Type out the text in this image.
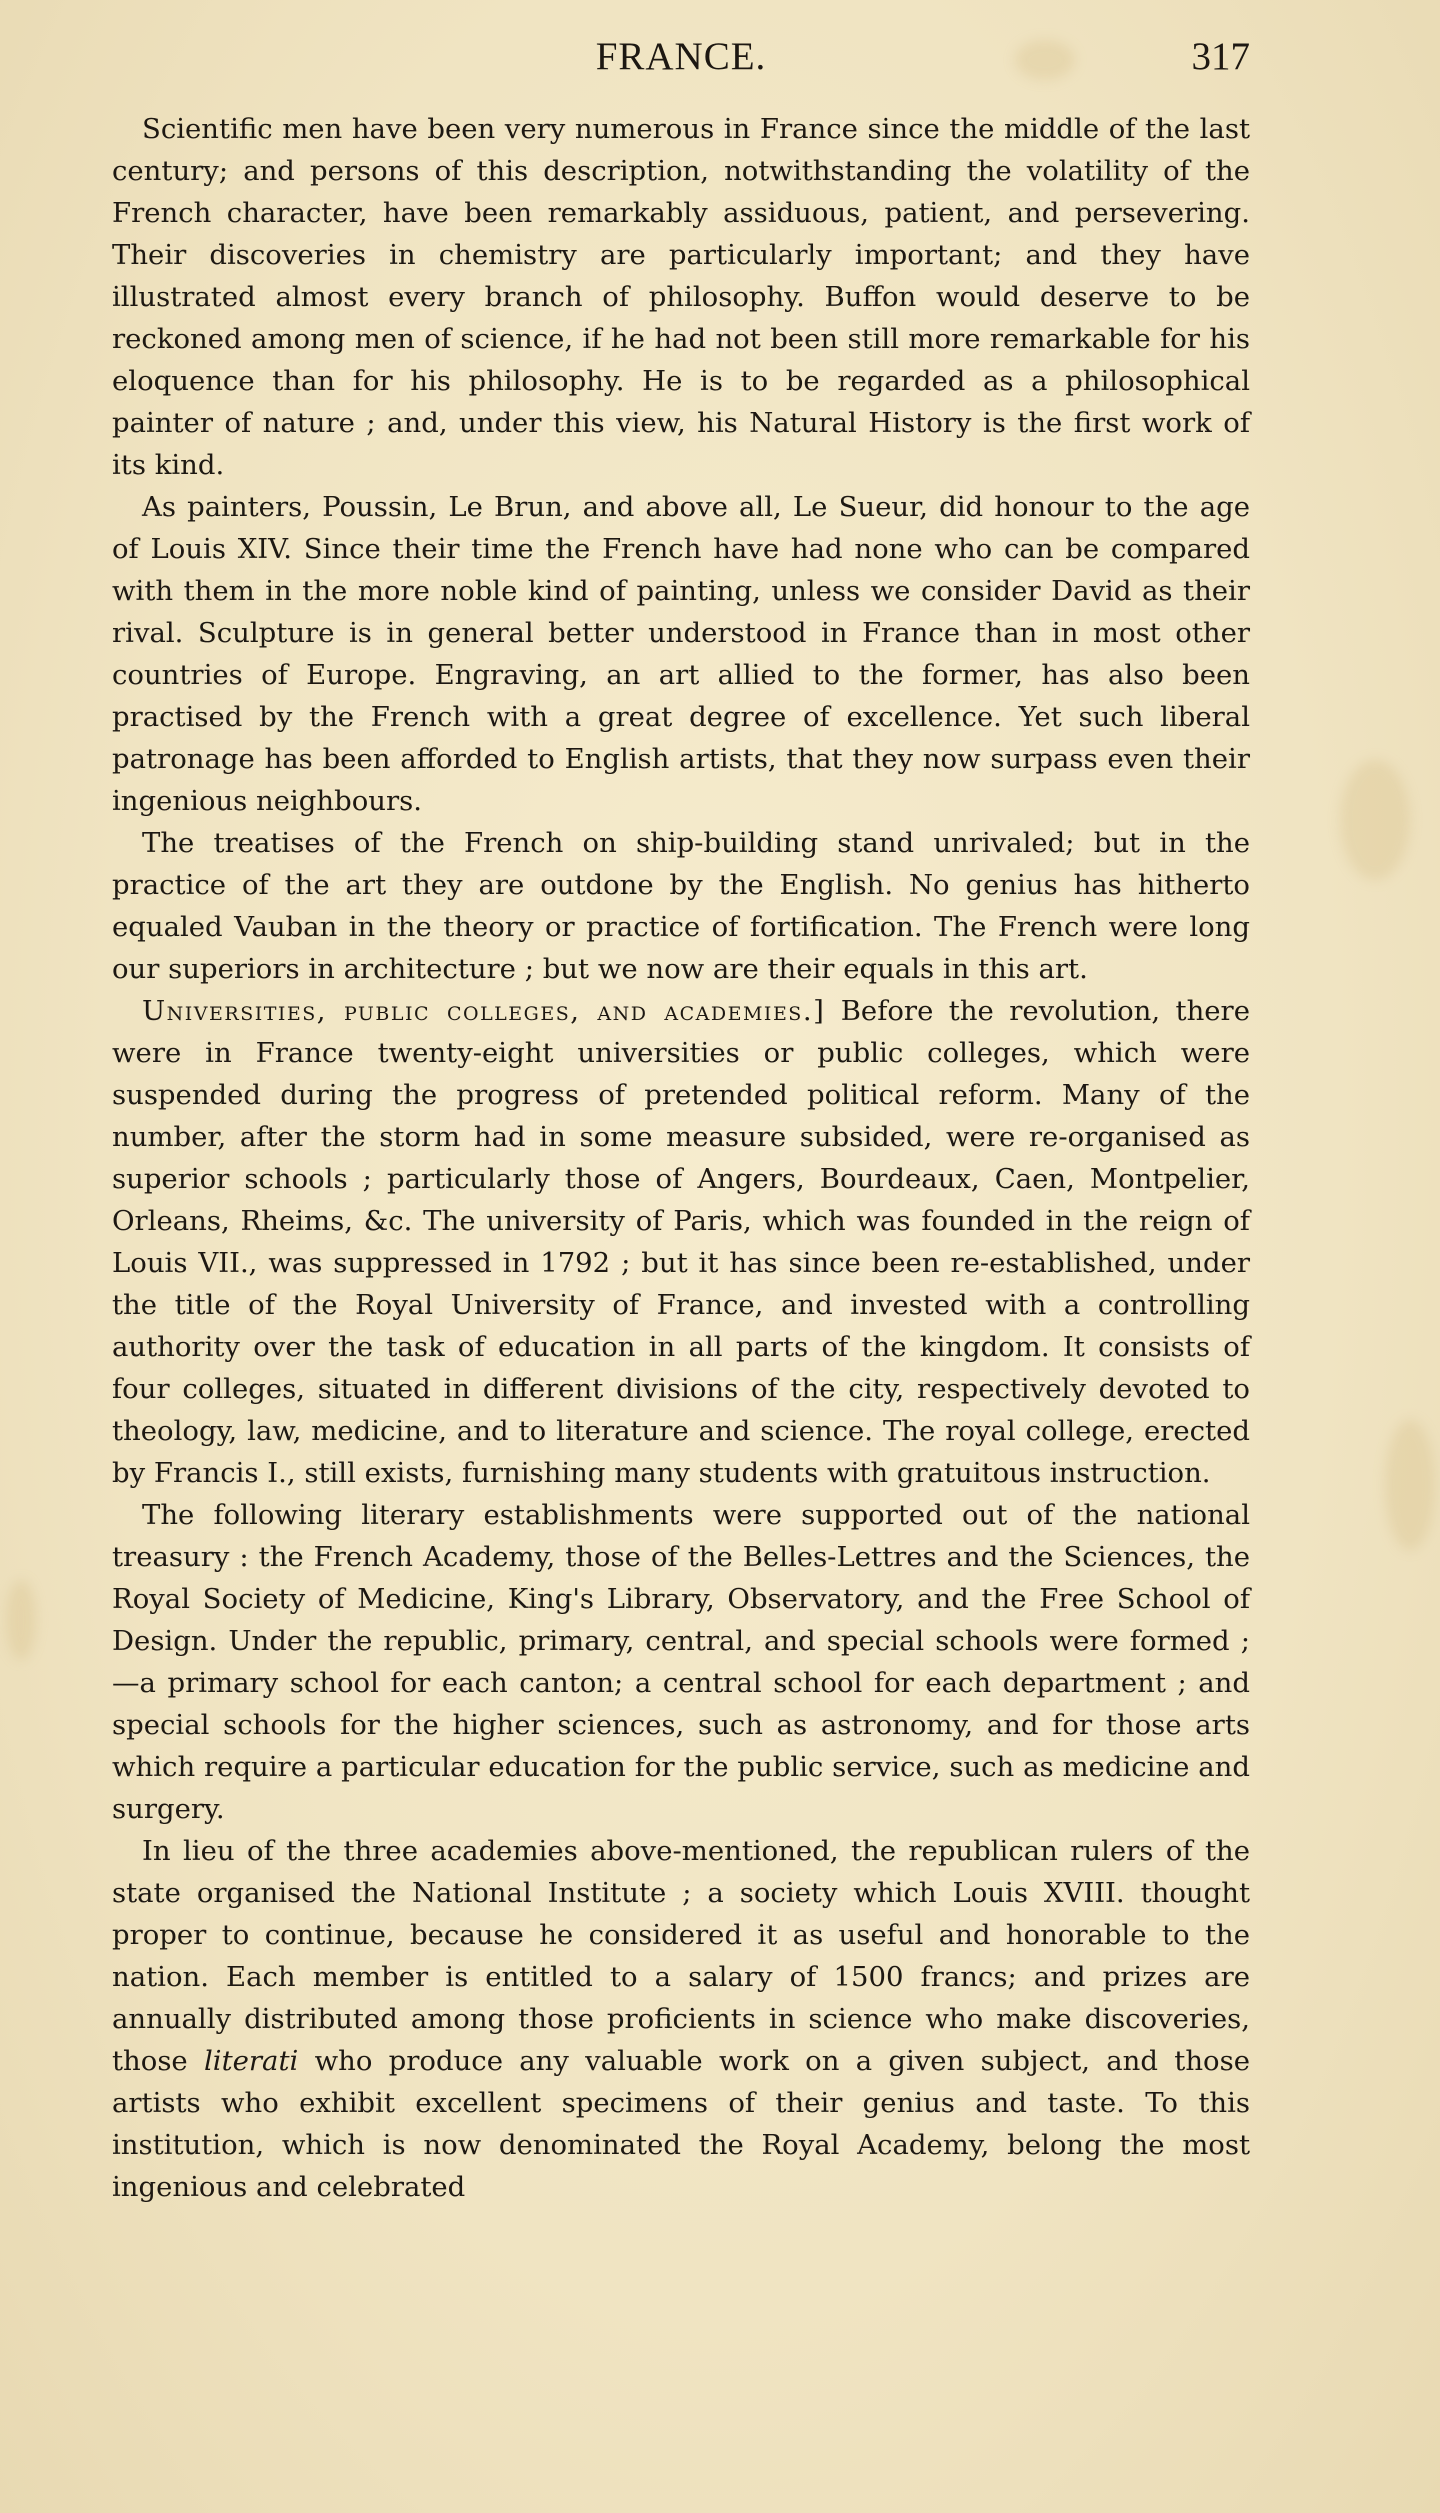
FRANCE.	317

Scientific men have been very numerous in France since the middle of the last century; and persons of this description, notwithstanding the volatility of the French character, have been remarkably assiduous, patient, and persevering. Their discoveries in chemistry are particularly important; and they have illustrated almost every branch of philosophy. Buffon would deserve to be reckoned among men of science, if he had not been still more remarkable for his eloquence than for his philosophy. He is to be regarded as a philosophical painter of nature ; and, under this view, his Natural History is the first work of its kind.

As painters, Poussin, Le Brun, and above all, Le Sueur, did honour to the age of Louis XIV. Since their time the French have had none who can be compared with them in the more noble kind of painting, unless we consider David as their rival. Sculpture is in general better understood in France than in most other countries of Europe. Engraving, an art allied to the former, has also been practised by the French with a great degree of excellence. Yet such liberal patronage has been afforded to English artists, that they now surpass even their ingenious neighbours.

The treatises of the French on ship-building stand unrivaled; but in the practice of the art they are outdone by the English. No genius has hitherto equaled Vauban in the theory or practice of fortification. The French were long our superiors in architecture ; but we now are their equals in this art.

Universities, public colleges, and academies.] Before the revolution, there were in France twenty-eight universities or public colleges, which were suspended during the progress of pretended political reform. Many of the number, after the storm had in some measure subsided, were re-organised as superior schools ; particularly those of Angers, Bourdeaux, Caen, Montpelier, Orleans, Rheims, &c. The university of Paris, which was founded in the reign of Louis VII., was suppressed in 1792 ; but it has since been re-established, under the title of the Royal University of France, and invested with a controlling authority over the task of education in all parts of the kingdom. It consists of four colleges, situated in different divisions of the city, respectively devoted to theology, law, medicine, and to literature and science. The royal college, erected by Francis I., still exists, furnishing many students with gratuitous instruction.

The following literary establishments were supported out of the national treasury : the French Academy, those of the Belles-Lettres and the Sciences, the Royal Society of Medicine, King's Library, Observatory, and the Free School of Design. Under the republic, primary, central, and special schools were formed ;—a primary school for each canton; a central school for each department ; and special schools for the higher sciences, such as astronomy, and for those arts which require a particular education for the public service, such as medicine and surgery.

In lieu of the three academies above-mentioned, the republican rulers of the state organised the National Institute ; a society which Louis XVIII. thought proper to continue, because he considered it as useful and honorable to the nation. Each member is entitled to a salary of 1500 francs; and prizes are annually distributed among those proficients in science who make discoveries, those literati who produce any valuable work on a given subject, and those artists who exhibit excellent specimens of their genius and taste. To this institution, which is now denominated the Royal Academy, belong the most ingenious and celebrated
